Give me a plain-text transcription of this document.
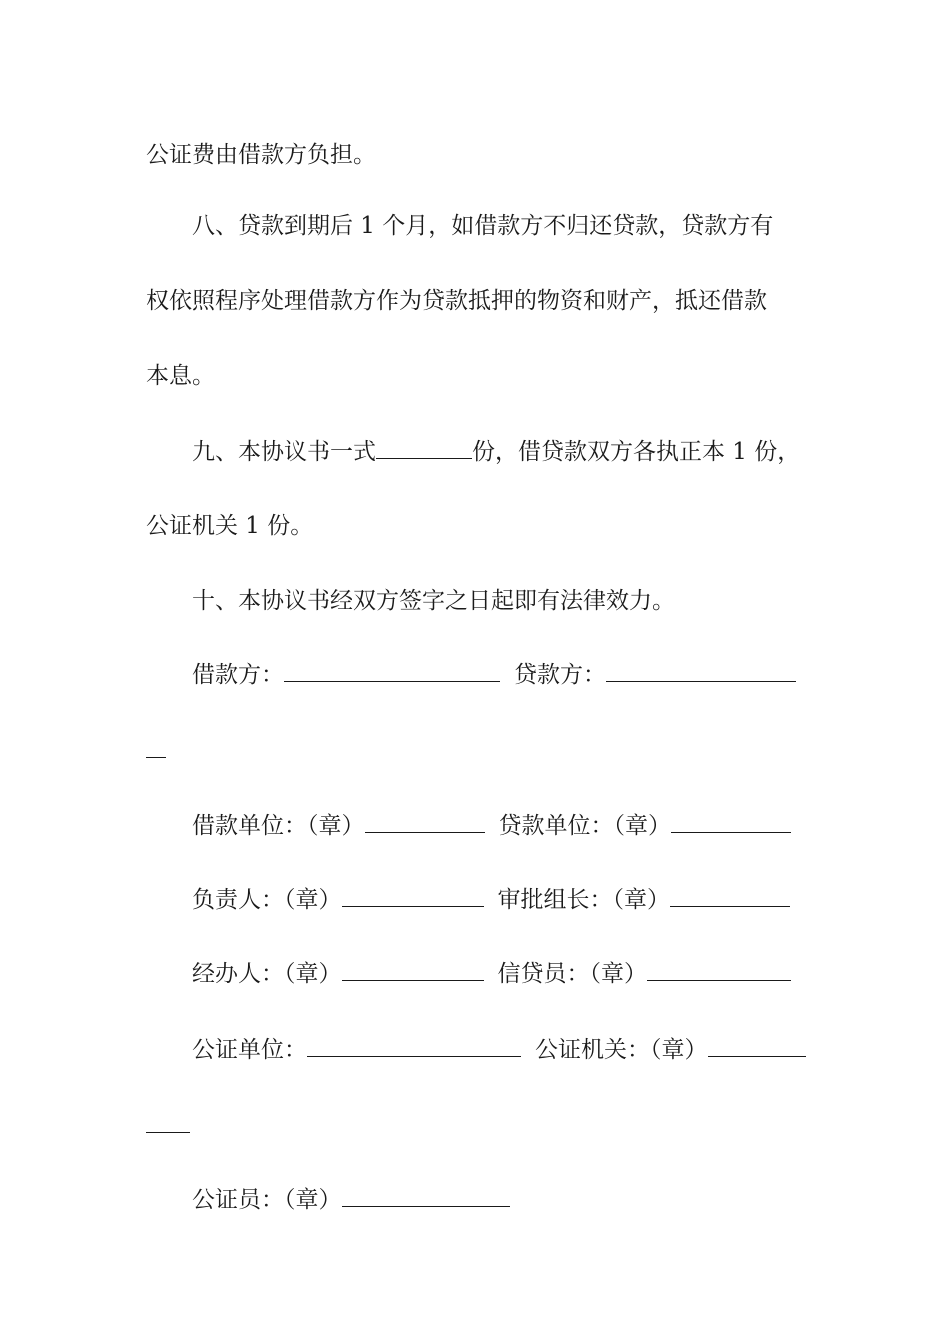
公证费由借款方负担。
八、贷款到期后 1 个月，如借款方不归还贷款，贷款方有
权依照程序处理借款方作为贷款抵押的物资和财产，抵还借款
本息。
九、本协议书一式	份，借贷款双方各执正本 1 份，
公证机关 1 份。
十、本协议书经双方签字之日起即有法律效力。
借款方：	贷款方：
借款单位：（章）	贷款单位：（章）
负责人：（章）	审批组长：（章）
经办人：（章）	信贷员：（章）
公证单位：	公证机关：（章）
公证员：（章）
